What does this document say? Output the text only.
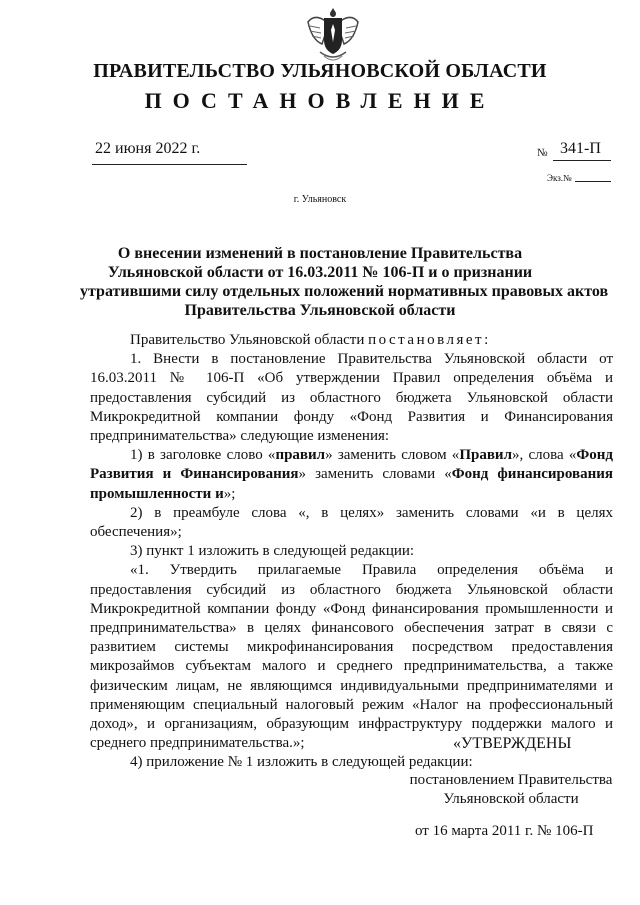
ПРАВИТЕЛЬСТВО УЛЬЯНОВСКОЙ ОБЛАСТИ
ПОСТАНОВЛЕНИЕ
22 июня 2022 г.	№ 341-П
Экз.№
г. Ульяновск
О внесении изменений в постановление Правительства
Ульяновской области от 16.03.2011 № 106-П и о признании
утратившими силу отдельных положений нормативных правовых актов
Правительства Ульяновской области

Правительство Ульяновской области постановляет:

1. Внести в постановление Правительства Ульяновской области от 16.03.2011 № 106-П «Об утверждении Правил определения объёма и предоставления субсидий из областного бюджета Ульяновской области Микрокредитной компании фонду «Фонд Развития и Финансирования предпринимательства» следующие изменения:

1) в заголовке слово «правил» заменить словом «Правил», слова «Фонд Развития и Финансирования» заменить словами «Фонд финансирования промышленности и»;

2) в преамбуле слова «, в целях» заменить словами «и в целях обеспечения»;

3) пункт 1 изложить в следующей редакции:

«1. Утвердить прилагаемые Правила определения объёма и предоставления субсидий из областного бюджета Ульяновской области Микрокредитной компании фонду «Фонд финансирования промышленности и предпринимательства» в целях финансового обеспечения затрат в связи с развитием системы микрофинансирования посредством предоставления микрозаймов субъектам малого и среднего предпринимательства, а также физическим лицам, не являющимся индивидуальными предпринимателями и применяющим специальный налоговый режим «Налог на профессиональный доход», и организациям, образующим инфраструктуру поддержки малого и среднего предпринимательства.»;

4) приложение № 1 изложить в следующей редакции:

«УТВЕРЖДЕНЫ
постановлением Правительства
Ульяновской области
от 16 марта 2011 г. № 106-П
